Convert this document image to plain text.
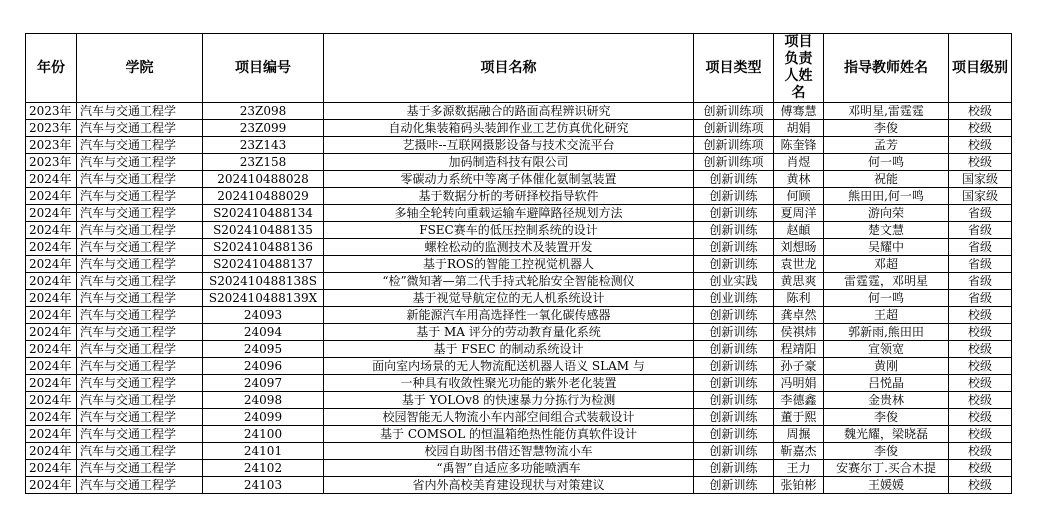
年份	学院	项目编号	项目名称	项目类型	项目负责人姓名	指导教师姓名	项目级别
2023年	汽车与交通工程学	23Z098	基于多源数据融合的路面高程辨识研究	创新训练项	傅骞慧	邓明星,雷霆霆	校级
2023年	汽车与交通工程学	23Z099	自动化集装箱码头装卸作业工艺仿真优化研究	创新训练项	胡娟	李俊	校级
2023年	汽车与交通工程学	23Z143	艺摄咔--互联网摄影设备与技术交流平台	创新训练项	陈奎锋	孟芳	校级
2023年	汽车与交通工程学	23Z158	加码制造科技有限公司	创新训练项	肖煜	何一鸣	校级
2024年	汽车与交通工程学	202410488028	零碳动力系统中等离子体催化氨制氢装置	创新训练	黄林	祝能	国家级
2024年	汽车与交通工程学	202410488029	基于数据分析的考研择校指导软件	创新训练	何顾	熊田田,何一鸣	国家级
2024年	汽车与交通工程学	S202410488134	多轴全轮转向重载运输车避障路径规划方法	创新训练	夏周洋	游向荣	省级
2024年	汽车与交通工程学	S202410488135	FSEC赛车的低压控制系统的设计	创新训练	赵頔	楚文慧	省级
2024年	汽车与交通工程学	S202410488136	螺栓松动的监测技术及装置开发	创新训练	刘想旸	吴耀中	省级
2024年	汽车与交通工程学	S202410488137	基于ROS的智能工控视觉机器人	创新训练	袁世龙	邓超	省级
2024年	汽车与交通工程学	S202410488138S	“检”微知著—第二代手持式轮胎安全智能检测仪	创业实践	黄思爽	雷霆霆，邓明星	省级
2024年	汽车与交通工程学	S202410488139X	基于视觉导航定位的无人机系统设计	创业训练	陈利	何一鸣	省级
2024年	汽车与交通工程学	24093	新能源汽车用高选择性一氧化碳传感器	创新训练	龚卓然	王超	校级
2024年	汽车与交通工程学	24094	基于 MA 评分的劳动教育量化系统	创新训练	侯祺炜	郭新雨,熊田田	校级
2024年	汽车与交通工程学	24095	基于 FSEC 的制动系统设计	创新训练	程靖阳	宣领宽	校级
2024年	汽车与交通工程学	24096	面向室内场景的无人物流配送机器人语义 SLAM 与	创新训练	孙子豪	黄刚	校级
2024年	汽车与交通工程学	24097	一种具有收敛性聚光功能的紫外老化装置	创新训练	冯明娟	吕悦晶	校级
2024年	汽车与交通工程学	24098	基于 YOLOv8 的快速暴力分拣行为检测	创新训练	李德鑫	金贵林	校级
2024年	汽车与交通工程学	24099	校园智能无人物流小车内部空间组合式装载设计	创新训练	董于熙	李俊	校级
2024年	汽车与交通工程学	24100	基于 COMSOL 的恒温箱绝热性能仿真软件设计	创新训练	周搌	魏光耀，梁晓磊	校级
2024年	汽车与交通工程学	24101	校园自助图书借还智慧物流小车	创新训练	靳嘉杰	李俊	校级
2024年	汽车与交通工程学	24102	“禹智”自适应多功能喷洒车	创新训练	王力	安赛尔丁.买合木提	校级
2024年	汽车与交通工程学	24103	省内外高校美育建设现状与对策建议	创新训练	张铂彬	王媛媛	校级
